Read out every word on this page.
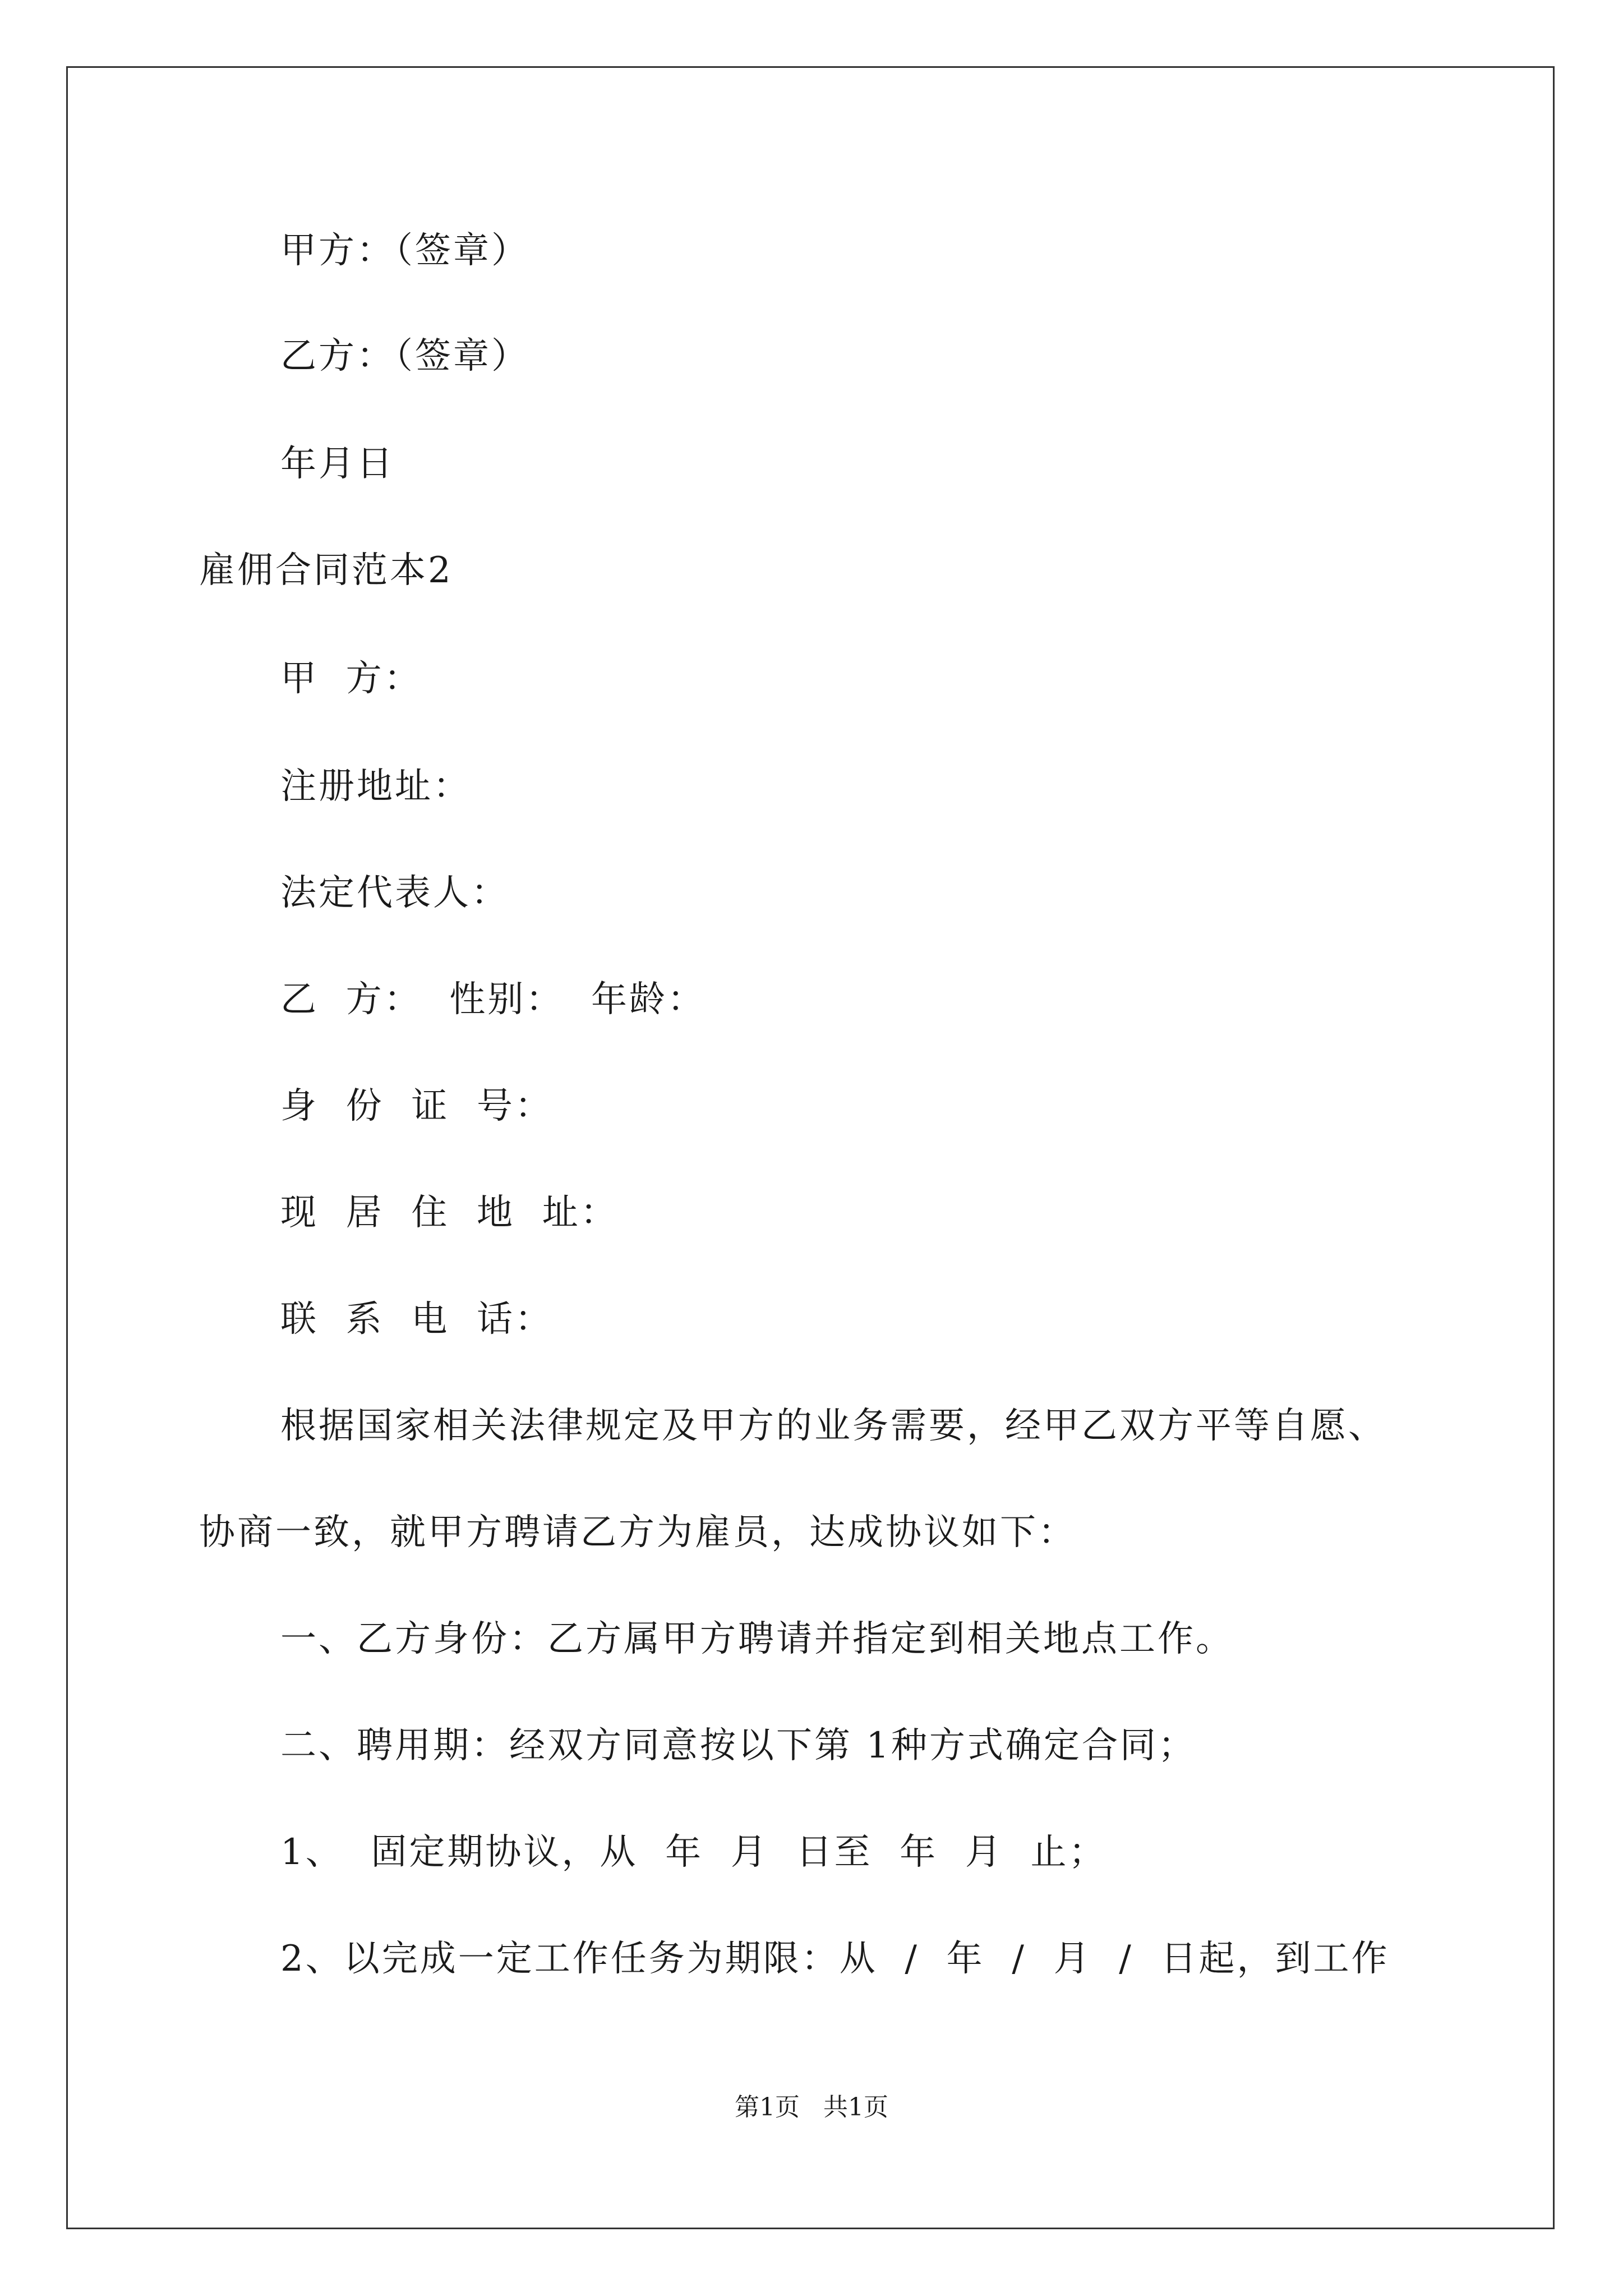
甲方：（签章）
乙方：（签章）
年月日
雇佣合同范本2
甲  方：
注册地址：
法定代表人：
乙  方：  性别：  年龄：
身  份  证  号：
现  居  住  地  址：
联  系  电  话：
根据国家相关法律规定及甲方的业务需要，经甲乙双方平等自愿、
协商一致，就甲方聘请乙方为雇员，达成协议如下：
一、乙方身份：乙方属甲方聘请并指定到相关地点工作。
二、聘用期：经双方同意按以下第 1种方式确定合同；
1、  固定期协议，从  年  月  日至  年  月  止；
2、以完成一定工作任务为期限：从  /  年  /  月  /  日起，到工作
第1页   共1页
